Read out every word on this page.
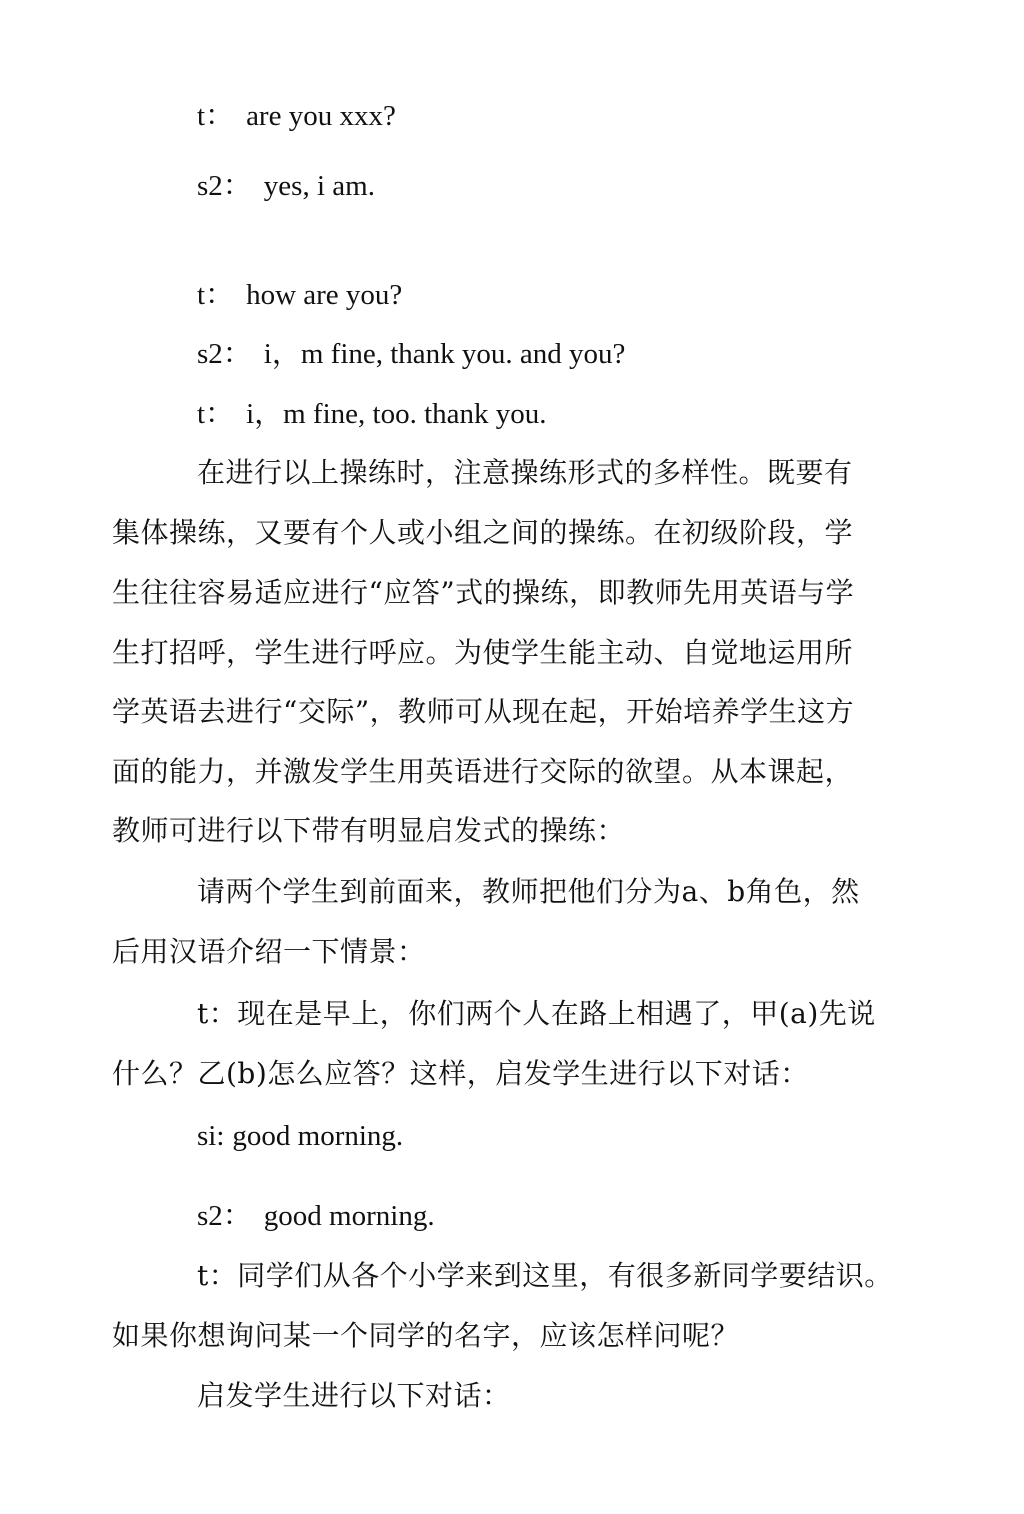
t： are you xxx?
s2： yes, i am.
t： how are you?
s2： i，m fine, thank you. and you?
t： i，m fine, too. thank you.
在进行以上操练时，注意操练形式的多样性。既要有
集体操练，又要有个人或小组之间的操练。在初级阶段，学
生往往容易适应进行“应答”式的操练，即教师先用英语与学
生打招呼，学生进行呼应。为使学生能主动、自觉地运用所
学英语去进行“交际”，教师可从现在起，开始培养学生这方
面的能力，并激发学生用英语进行交际的欲望。从本课起，
教师可进行以下带有明显启发式的操练：
请两个学生到前面来，教师把他们分为a、b角色，然
后用汉语介绍一下情景：
t：现在是早上，你们两个人在路上相遇了，甲(a)先说
什么？乙(b)怎么应答？这样，启发学生进行以下对话：
si: good morning.
s2： good morning.
t：同学们从各个小学来到这里，有很多新同学要结识。
如果你想询问某一个同学的名字，应该怎样问呢？
启发学生进行以下对话：
